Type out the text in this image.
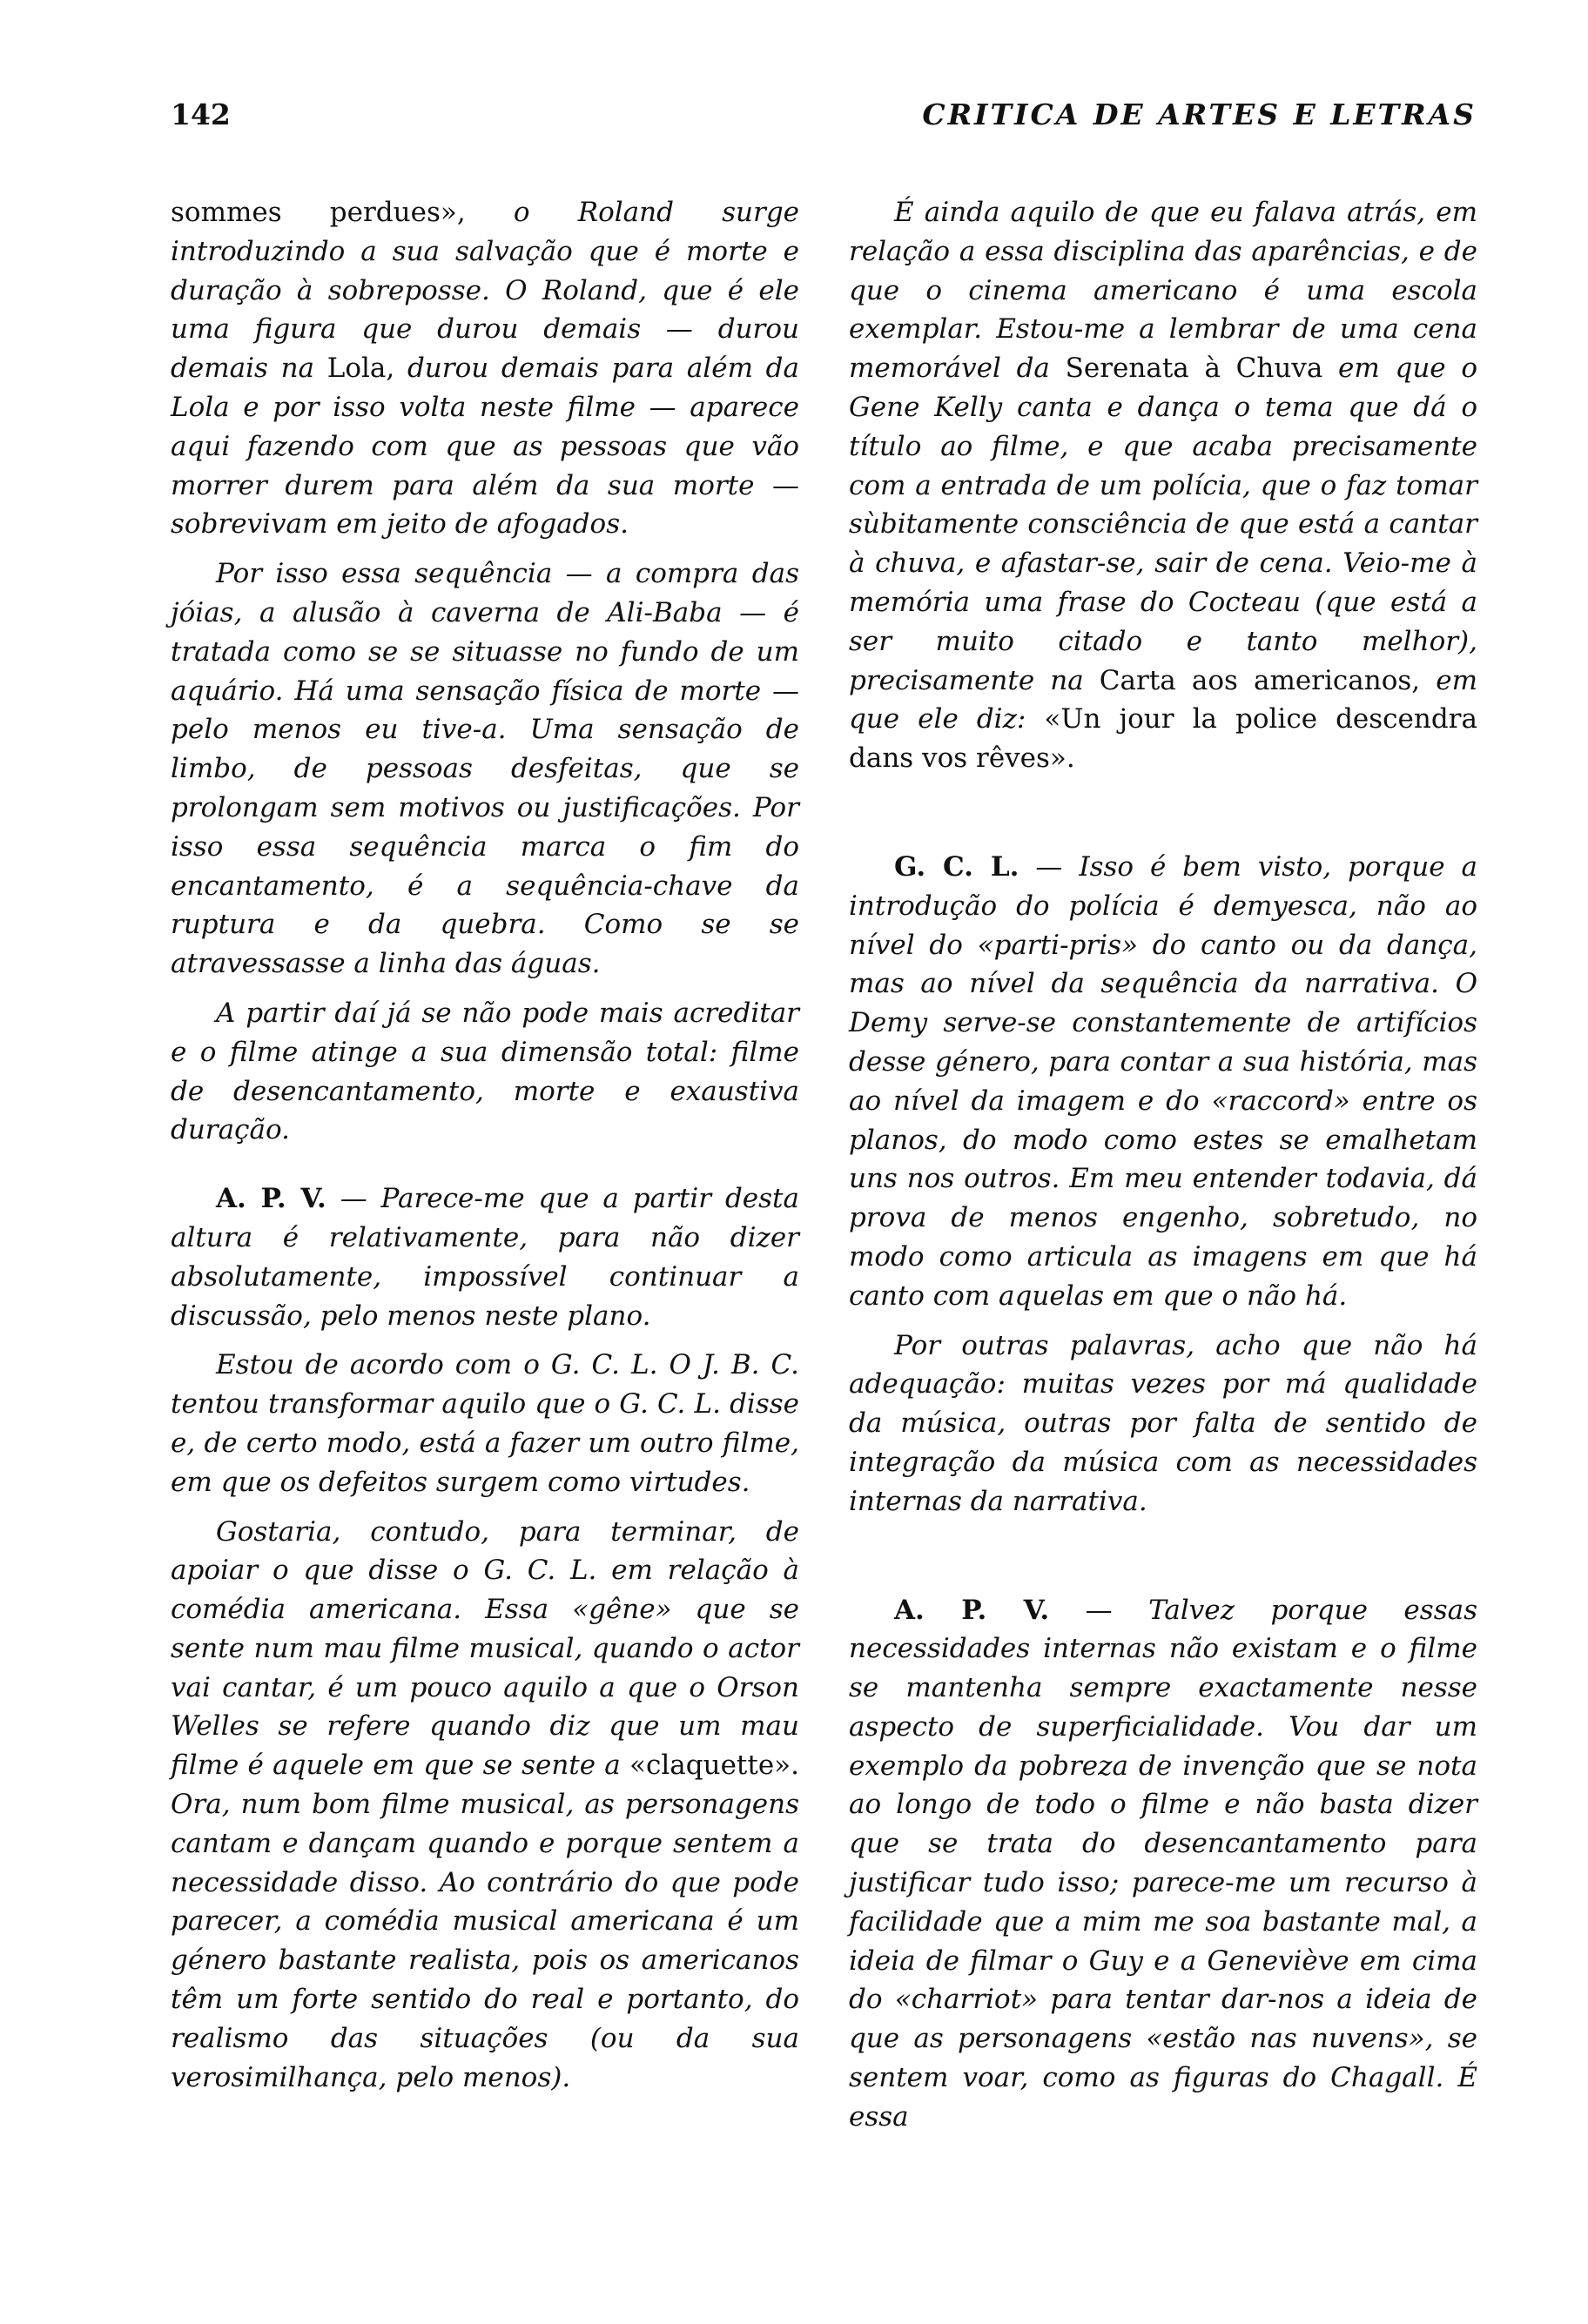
142	CRITICA DE ARTES E LETRAS

sommes perdues», o Roland surge introduzindo a sua salvação que é morte e duração à sobreposse. O Roland, que é ele uma figura que durou demais — durou demais na Lola, durou demais para além da Lola e por isso volta neste filme — aparece aqui fazendo com que as pessoas que vão morrer durem para além da sua morte — sobrevivam em jeito de afogados.

Por isso essa sequência — a compra das jóias, a alusão à caverna de Ali-Baba — é tratada como se se situasse no fundo de um aquário. Há uma sensação física de morte — pelo menos eu tive-a. Uma sensação de limbo, de pessoas desfeitas, que se prolongam sem motivos ou justificações. Por isso essa sequência marca o fim do encantamento, é a sequência-chave da ruptura e da quebra. Como se se atravessasse a linha das águas.

A partir daí já se não pode mais acreditar e o filme atinge a sua dimensão total: filme de desencantamento, morte e exaustiva duração.

A. P. V. — Parece-me que a partir desta altura é relativamente, para não dizer absolutamente, impossível continuar a discussão, pelo menos neste plano.

Estou de acordo com o G. C. L. O J. B. C. tentou transformar aquilo que o G. C. L. disse e, de certo modo, está a fazer um outro filme, em que os defeitos surgem como virtudes.

Gostaria, contudo, para terminar, de apoiar o que disse o G. C. L. em relação à comédia americana. Essa «gêne» que se sente num mau filme musical, quando o actor vai cantar, é um pouco aquilo a que o Orson Welles se refere quando diz que um mau filme é aquele em que se sente a «claquette». Ora, num bom filme musical, as personagens cantam e dançam quando e porque sentem a necessidade disso. Ao contrário do que pode parecer, a comédia musical americana é um género bastante realista, pois os americanos têm um forte sentido do real e portanto, do realismo das situações (ou da sua verosimilhança, pelo menos).

É ainda aquilo de que eu falava atrás, em relação a essa disciplina das aparências, e de que o cinema americano é uma escola exemplar. Estou-me a lembrar de uma cena memorável da Serenata à Chuva em que o Gene Kelly canta e dança o tema que dá o título ao filme, e que acaba precisamente com a entrada de um polícia, que o faz tomar sùbitamente consciência de que está a cantar à chuva, e afastar-se, sair de cena. Veio-me à memória uma frase do Cocteau (que está a ser muito citado e tanto melhor), precisamente na Carta aos americanos, em que ele diz: «Un jour la police descendra dans vos rêves».

G. C. L. — Isso é bem visto, porque a introdução do polícia é demyesca, não ao nível do «parti-pris» do canto ou da dança, mas ao nível da sequência da narrativa. O Demy serve-se constantemente de artifícios desse género, para contar a sua história, mas ao nível da imagem e do «raccord» entre os planos, do modo como estes se emalhetam uns nos outros. Em meu entender todavia, dá prova de menos engenho, sobretudo, no modo como articula as imagens em que há canto com aquelas em que o não há.

Por outras palavras, acho que não há adequação: muitas vezes por má qualidade da música, outras por falta de sentido de integração da música com as necessidades internas da narrativa.

A. P. V. — Talvez porque essas necessidades internas não existam e o filme se mantenha sempre exactamente nesse aspecto de superficialidade. Vou dar um exemplo da pobreza de invenção que se nota ao longo de todo o filme e não basta dizer que se trata do desencantamento para justificar tudo isso; parece-me um recurso à facilidade que a mim me soa bastante mal, a ideia de filmar o Guy e a Geneviève em cima do «charriot» para tentar dar-nos a ideia de que as personagens «estão nas nuvens», se sentem voar, como as figuras do Chagall. É essa
